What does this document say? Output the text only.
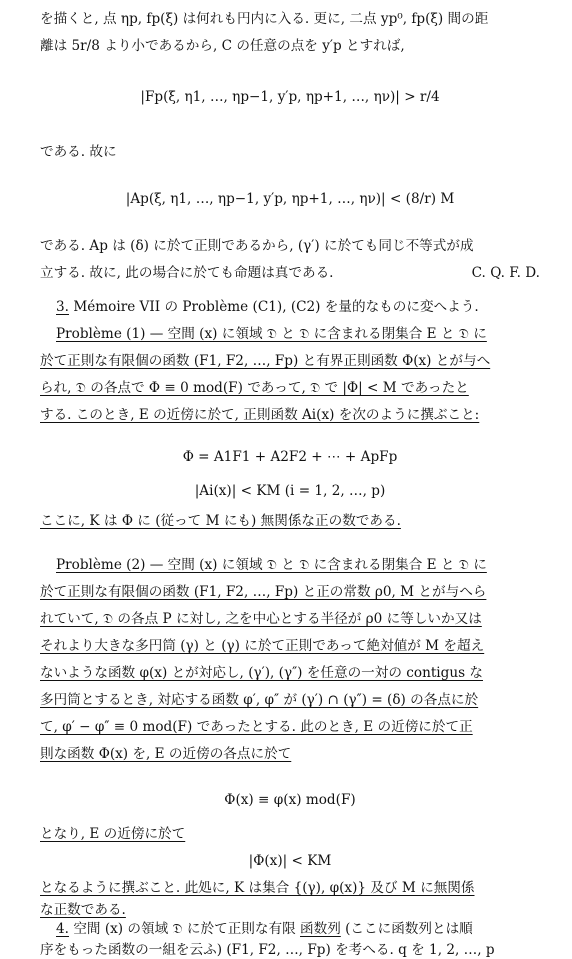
を描くと, 点 ηp, fp(ξ) は何れも円内に入る. 更に, 二点 yp⁰, fp(ξ) 間の距
離は 5r/8 より小であるから, C の任意の点を y′p とすれば,
|Fp(ξ, η1, …, ηp−1, y′p, ηp+1, …, ην)| > r/4
である. 故に
|Ap(ξ, η1, …, ηp−1, y′p, ηp+1, …, ην)| < (8/r) M
である. Ap は (δ) に於て正則であるから, (γ′) に於ても同じ不等式が成
立する. 故に, 此の場合に於ても命題は真である.	C. Q. F. D.
3. Mémoire VII の Problème (C1), (C2) を量的なものに変へよう.
Problème (1) — 空間 (x) に領域 𝔇 と 𝔇 に含まれる閉集合 E と 𝔇 に
於て正則な有限個の函数 (F1, F2, …, Fp) と有界正則函数 Φ(x) とが与へ
られ, 𝔇 の各点で Φ ≡ 0 mod(F) であって, 𝔇 で |Φ| < M であったと
する. このとき, E の近傍に於て, 正則函数 Ai(x) を次のように撰ぶこと:
Φ = A1F1 + A2F2 + ⋯ + ApFp
|Ai(x)| < KM (i = 1, 2, …, p)
ここに, K は Φ に (従って M にも) 無関係な正の数である.
Problème (2) — 空間 (x) に領域 𝔇 と 𝔇 に含まれる閉集合 E と 𝔇 に
於て正則な有限個の函数 (F1, F2, …, Fp) と正の常数 ρ0, M とが与へら
れていて, 𝔇 の各点 P に対し, 之を中心とする半径が ρ0 に等しいか又は
それより大きな多円筒 (γ) と (γ) に於て正則であって絶対値が M を超え
ないような函数 φ(x) とが対応し, (γ′), (γ″) を任意の一対の contigus な
多円筒とするとき, 対応する函数 φ′, φ″ が (γ′) ∩ (γ″) = (δ) の各点に於
て, φ′ − φ″ ≡ 0 mod(F) であったとする. 此のとき, E の近傍に於て正
則な函数 Φ(x) を, E の近傍の各点に於て
Φ(x) ≡ φ(x) mod(F)
となり, E の近傍に於て
|Φ(x)| < KM
となるように撰ぶこと. 此処に, K は集合 {(γ), φ(x)} 及び M に無関係
な正数である.
4. 空間 (x) の領域 𝔇 に於て正則な有限 函数列 (ここに函数列とは順
序をもった函数の一組を云ふ) (F1, F2, …, Fp) を考へる. q を 1, 2, …, p
